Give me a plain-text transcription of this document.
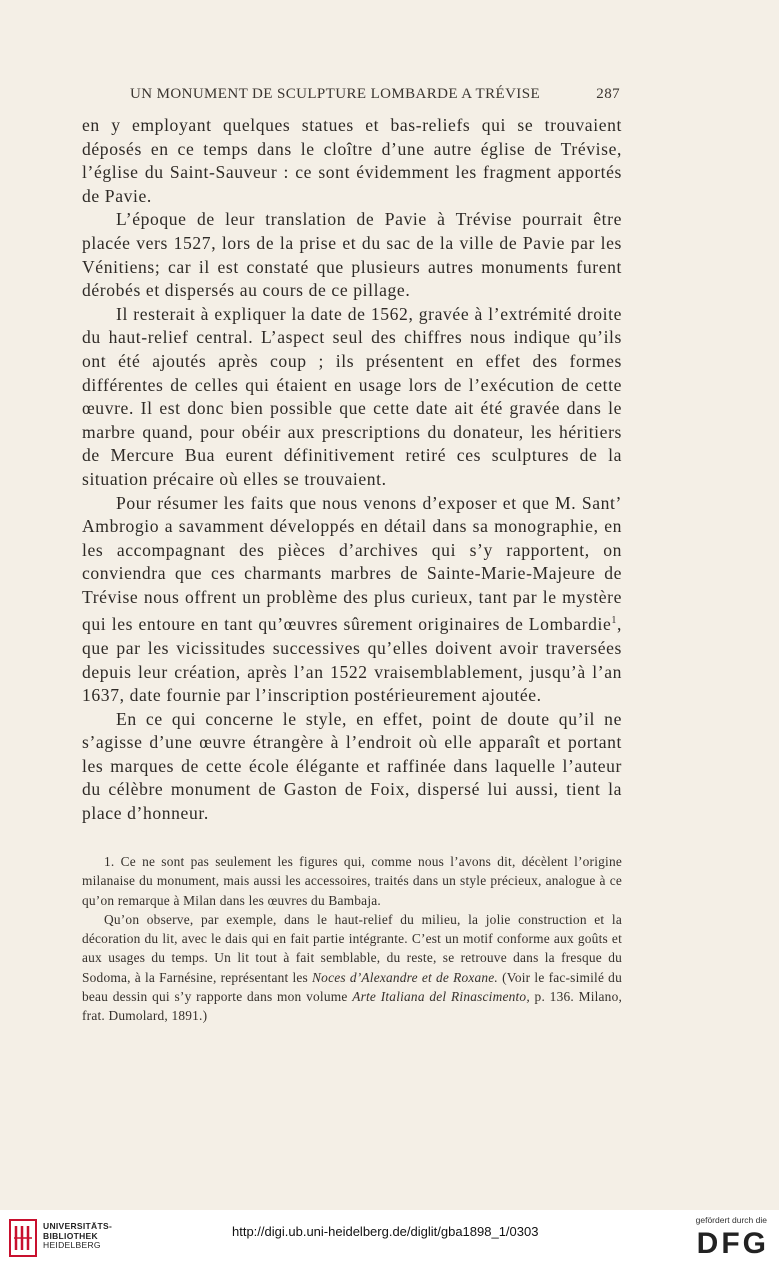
UN MONUMENT DE SCULPTURE LOMBARDE A TRÉVISE	287

en y employant quelques statues et bas-reliefs qui se trouvaient déposés en ce temps dans le cloître d’une autre église de Trévise, l’église du Saint-Sauveur : ce sont évidemment les fragment apportés de Pavie.

L’époque de leur translation de Pavie à Trévise pourrait être placée vers 1527, lors de la prise et du sac de la ville de Pavie par les Vénitiens; car il est constaté que plusieurs autres monuments furent dérobés et dispersés au cours de ce pillage.

Il resterait à expliquer la date de 1562, gravée à l’extrémité droite du haut-relief central. L’aspect seul des chiffres nous indique qu’ils ont été ajoutés après coup ; ils présentent en effet des formes différentes de celles qui étaient en usage lors de l’exécution de cette œuvre. Il est donc bien possible que cette date ait été gravée dans le marbre quand, pour obéir aux prescriptions du donateur, les héritiers de Mercure Bua eurent définitivement retiré ces sculptures de la situation précaire où elles se trouvaient.

Pour résumer les faits que nous venons d’exposer et que M. Sant’ Ambrogio a savamment développés en détail dans sa monographie, en les accompagnant des pièces d’archives qui s’y rapportent, on conviendra que ces charmants marbres de Sainte-Marie-Majeure de Trévise nous offrent un problème des plus curieux, tant par le mystère qui les entoure en tant qu’œuvres sûrement originaires de Lombardie$^1$, que par les vicissitudes successives qu’elles doivent avoir traversées depuis leur création, après l’an 1522 vraisemblablement, jusqu’à l’an 1637, date fournie par l’inscription postérieurement ajoutée.

En ce qui concerne le style, en effet, point de doute qu’il ne s’agisse d’une œuvre étrangère à l’endroit où elle apparaît et portant les marques de cette école élégante et raffinée dans laquelle l’auteur du célèbre monument de Gaston de Foix, dispersé lui aussi, tient la place d’honneur.

1. Ce ne sont pas seulement les figures qui, comme nous l’avons dit, décèlent l’origine milanaise du monument, mais aussi les accessoires, traités dans un style précieux, analogue à ce qu’on remarque à Milan dans les œuvres du Bambaja.

Qu’on observe, par exemple, dans le haut-relief du milieu, la jolie construction et la décoration du lit, avec le dais qui en fait partie intégrante. C’est un motif conforme aux goûts et aux usages du temps. Un lit tout à fait semblable, du reste, se retrouve dans la fresque du Sodoma, à la Farnésine, représentant les Noces d’Alexandre et de Roxane. (Voir le fac-similé du beau dessin qui s’y rapporte dans mon volume Arte Italiana del Rinascimento, p. 136. Milano, frat. Dumolard, 1891.)

UNIVERSITÄTS-
BIBLIOTHEK
HEIDELBERG
http://digi.ub.uni-heidelberg.de/diglit/gba1898_1/0303
gefördert durch die
DFG
